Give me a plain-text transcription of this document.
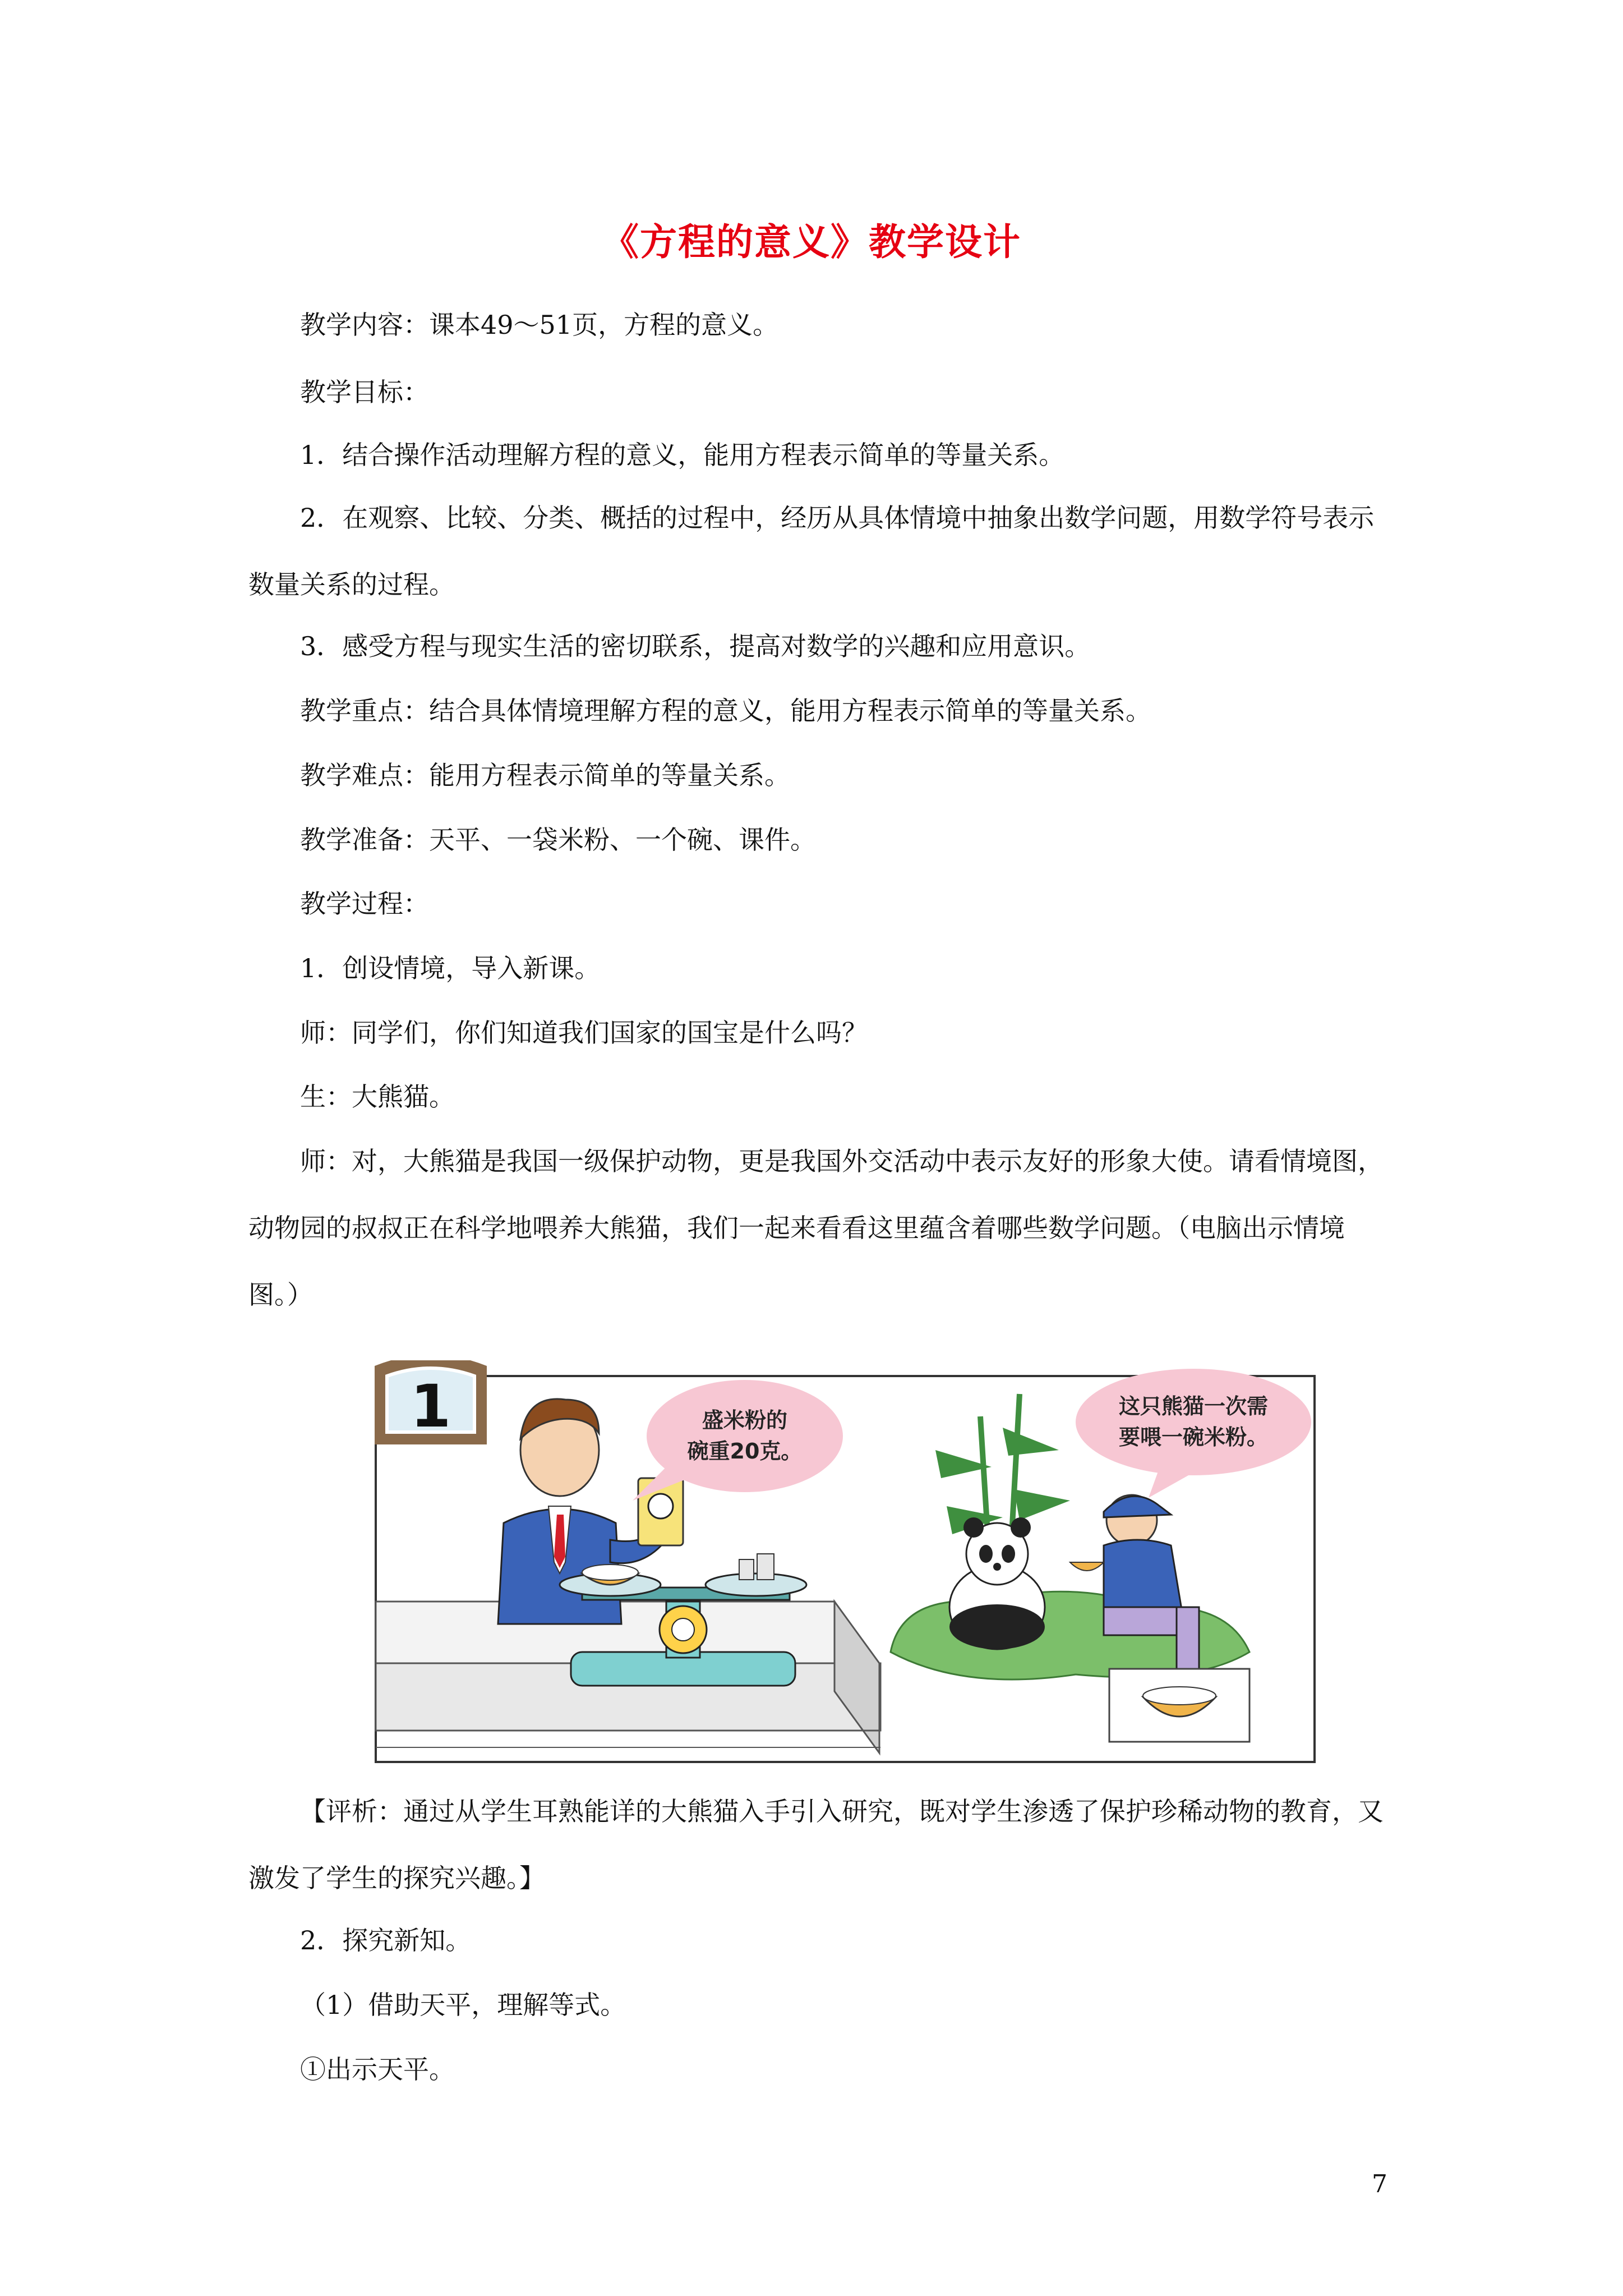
《方程的意义》教学设计

教学内容：课本49～51页，方程的意义。

教学目标：

1．结合操作活动理解方程的意义，能用方程表示简单的等量关系。

2．在观察、比较、分类、概括的过程中，经历从具体情境中抽象出数学问题，用数学符号表示数量关系的过程。

3．感受方程与现实生活的密切联系，提高对数学的兴趣和应用意识。

教学重点：结合具体情境理解方程的意义，能用方程表示简单的等量关系。

教学难点：能用方程表示简单的等量关系。

教学准备：天平、一袋米粉、一个碗、课件。

教学过程：

1．创设情境，导入新课。

师：同学们，你们知道我们国家的国宝是什么吗？

生：大熊猫。

师：对，大熊猫是我国一级保护动物，更是我国外交活动中表示友好的形象大使。请看情境图，动物园的叔叔正在科学地喂养大熊猫，我们一起来看看这里蕴含着哪些数学问题。（电脑出示情境图。）

1	盛米粉的
碗重20克。
这只熊猫一次需
要喂一碗米粉。

【评析：通过从学生耳熟能详的大熊猫入手引入研究，既对学生渗透了保护珍稀动物的教育，又激发了学生的探究兴趣。】

2．探究新知。

（1）借助天平，理解等式。

①出示天平。

7
